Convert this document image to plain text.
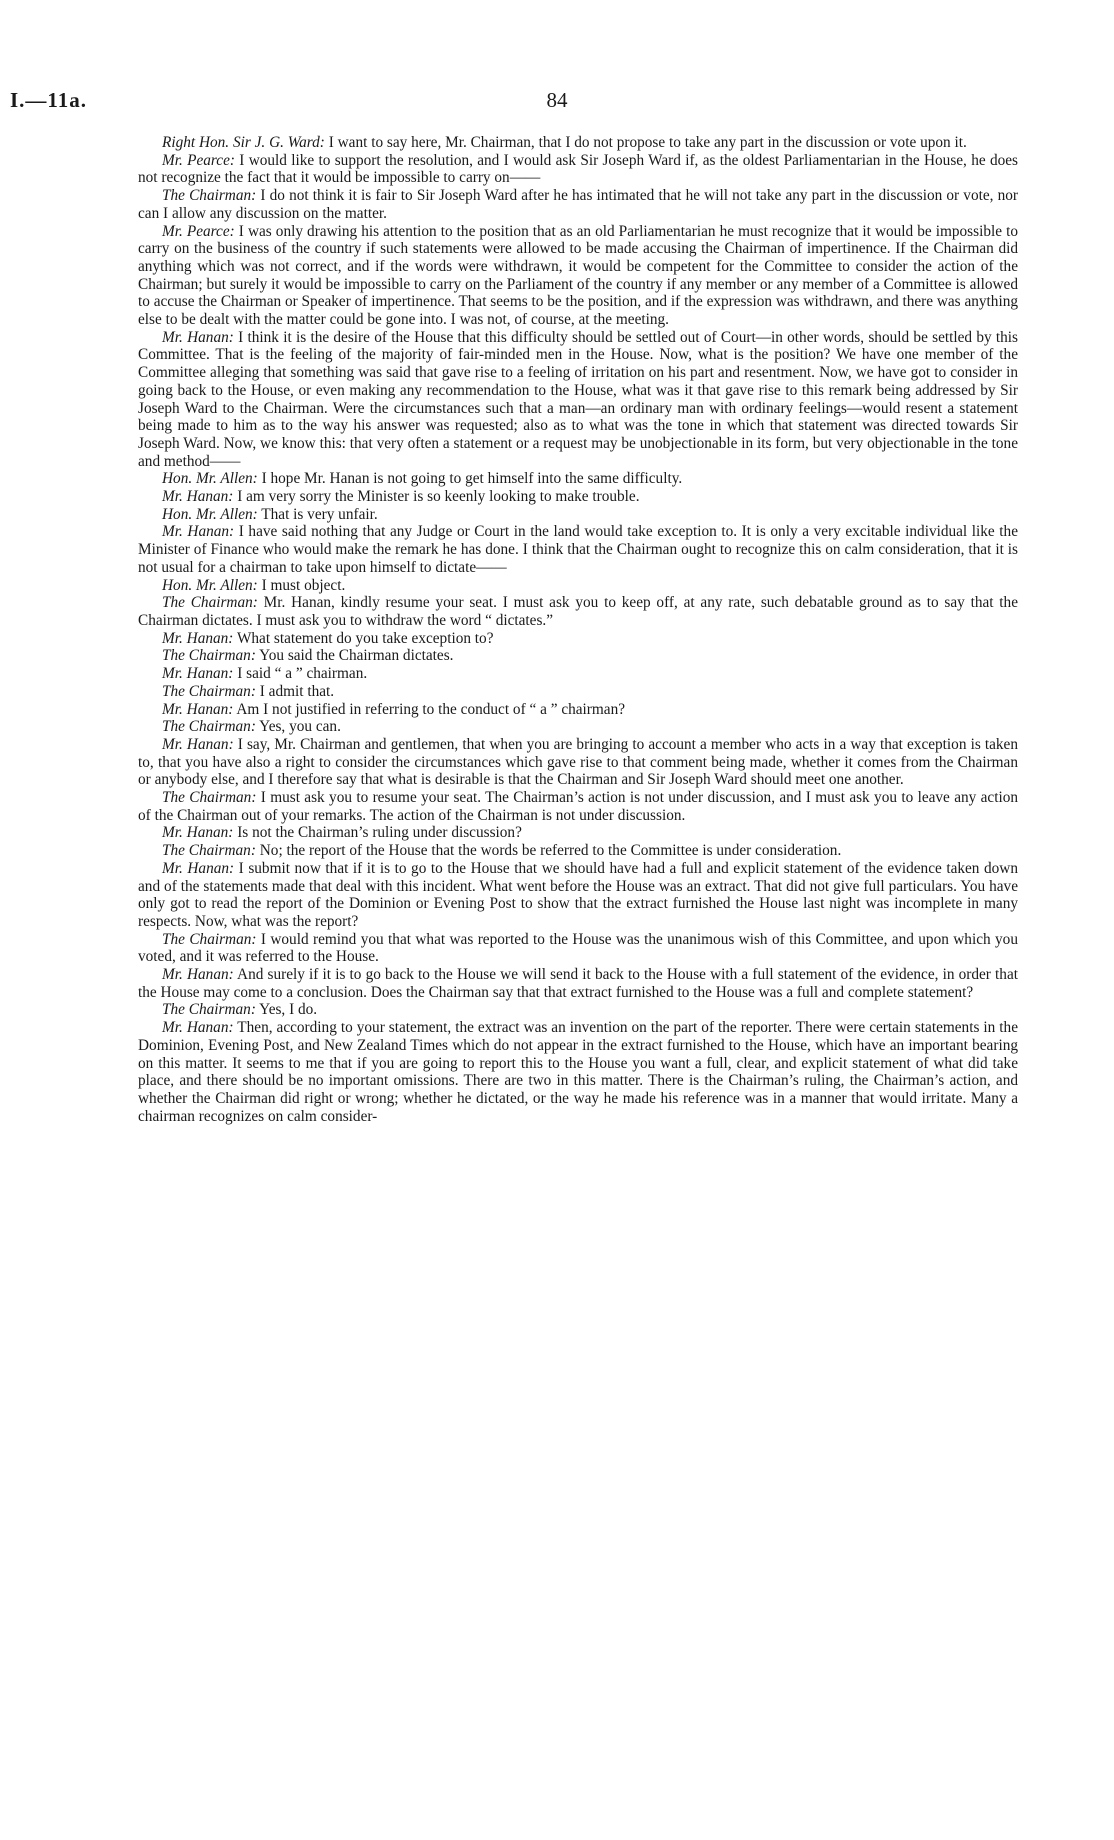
I.—11a.	84

Right Hon. Sir J. G. Ward: I want to say here, Mr. Chairman, that I do not propose to take any part in the discussion or vote upon it.

Mr. Pearce: I would like to support the resolution, and I would ask Sir Joseph Ward if, as the oldest Parliamentarian in the House, he does not recognize the fact that it would be impossible to carry on——

The Chairman: I do not think it is fair to Sir Joseph Ward after he has intimated that he will not take any part in the discussion or vote, nor can I allow any discussion on the matter.

Mr. Pearce: I was only drawing his attention to the position that as an old Parliamentarian he must recognize that it would be impossible to carry on the business of the country if such statements were allowed to be made accusing the Chairman of impertinence. If the Chairman did anything which was not correct, and if the words were withdrawn, it would be competent for the Committee to consider the action of the Chairman; but surely it would be impossible to carry on the Parliament of the country if any member or any member of a Committee is allowed to accuse the Chairman or Speaker of impertinence. That seems to be the position, and if the expression was withdrawn, and there was anything else to be dealt with the matter could be gone into. I was not, of course, at the meeting.

Mr. Hanan: I think it is the desire of the House that this difficulty should be settled out of Court—in other words, should be settled by this Committee. That is the feeling of the majority of fair-minded men in the House. Now, what is the position? We have one member of the Committee alleging that something was said that gave rise to a feeling of irritation on his part and resentment. Now, we have got to consider in going back to the House, or even making any recommendation to the House, what was it that gave rise to this remark being addressed by Sir Joseph Ward to the Chairman. Were the circumstances such that a man—an ordinary man with ordinary feelings—would resent a statement being made to him as to the way his answer was requested; also as to what was the tone in which that statement was directed towards Sir Joseph Ward. Now, we know this: that very often a statement or a request may be unobjectionable in its form, but very objectionable in the tone and method——

Hon. Mr. Allen: I hope Mr. Hanan is not going to get himself into the same difficulty.

Mr. Hanan: I am very sorry the Minister is so keenly looking to make trouble.

Hon. Mr. Allen: That is very unfair.

Mr. Hanan: I have said nothing that any Judge or Court in the land would take exception to. It is only a very excitable individual like the Minister of Finance who would make the remark he has done. I think that the Chairman ought to recognize this on calm consideration, that it is not usual for a chairman to take upon himself to dictate——

Hon. Mr. Allen: I must object.

The Chairman: Mr. Hanan, kindly resume your seat. I must ask you to keep off, at any rate, such debatable ground as to say that the Chairman dictates. I must ask you to withdraw the word “ dictates.”

Mr. Hanan: What statement do you take exception to?

The Chairman: You said the Chairman dictates.

Mr. Hanan: I said “ a ” chairman.

The Chairman: I admit that.

Mr. Hanan: Am I not justified in referring to the conduct of “ a ” chairman?

The Chairman: Yes, you can.

Mr. Hanan: I say, Mr. Chairman and gentlemen, that when you are bringing to account a member who acts in a way that exception is taken to, that you have also a right to consider the circumstances which gave rise to that comment being made, whether it comes from the Chairman or anybody else, and I therefore say that what is desirable is that the Chairman and Sir Joseph Ward should meet one another.

The Chairman: I must ask you to resume your seat. The Chairman’s action is not under discussion, and I must ask you to leave any action of the Chairman out of your remarks. The action of the Chairman is not under discussion.

Mr. Hanan: Is not the Chairman’s ruling under discussion?

The Chairman: No; the report of the House that the words be referred to the Committee is under consideration.

Mr. Hanan: I submit now that if it is to go to the House that we should have had a full and explicit statement of the evidence taken down and of the statements made that deal with this incident. What went before the House was an extract. That did not give full particulars. You have only got to read the report of the Dominion or Evening Post to show that the extract furnished the House last night was incomplete in many respects. Now, what was the report?

The Chairman: I would remind you that what was reported to the House was the unanimous wish of this Committee, and upon which you voted, and it was referred to the House.

Mr. Hanan: And surely if it is to go back to the House we will send it back to the House with a full statement of the evidence, in order that the House may come to a conclusion. Does the Chairman say that that extract furnished to the House was a full and complete statement?

The Chairman: Yes, I do.

Mr. Hanan: Then, according to your statement, the extract was an invention on the part of the reporter. There were certain statements in the Dominion, Evening Post, and New Zealand Times which do not appear in the extract furnished to the House, which have an important bearing on this matter. It seems to me that if you are going to report this to the House you want a full, clear, and explicit statement of what did take place, and there should be no important omissions. There are two in this matter. There is the Chairman’s ruling, the Chairman’s action, and whether the Chairman did right or wrong; whether he dictated, or the way he made his reference was in a manner that would irritate. Many a chairman recognizes on calm consider-
